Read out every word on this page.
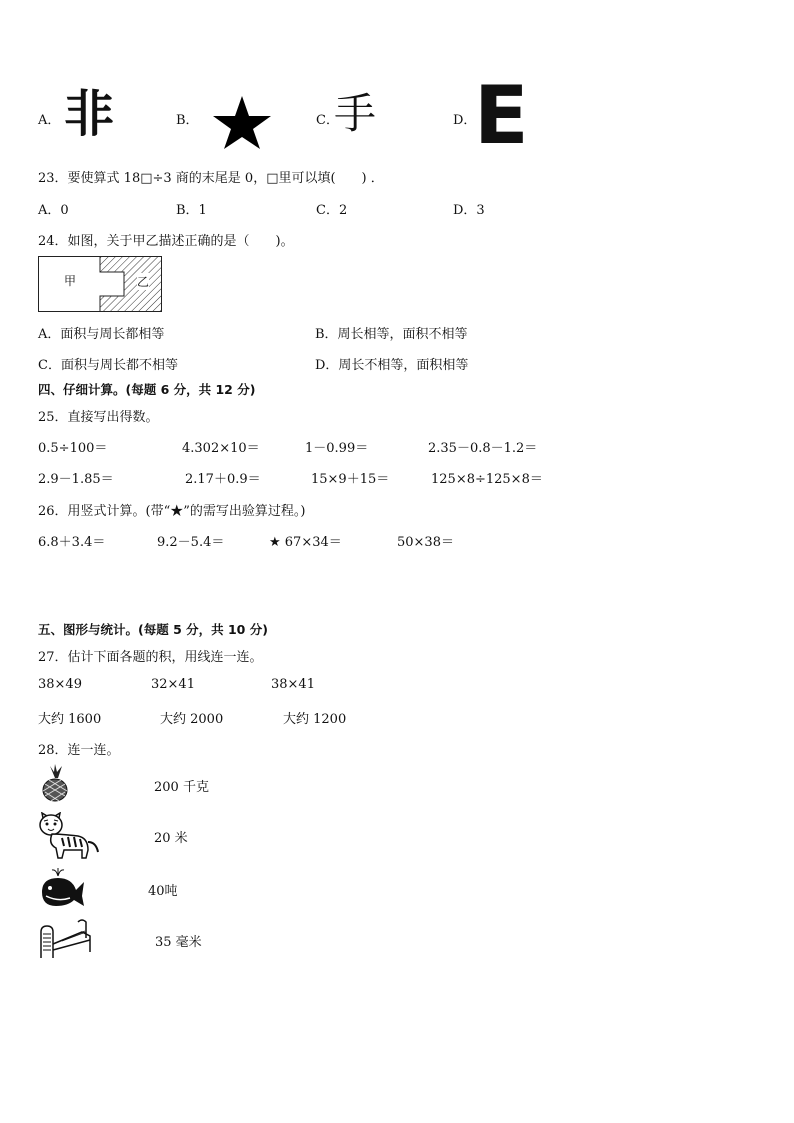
A． 非	B．	C．
手	D．
E
23．要使算式 18□÷3 商的末尾是 0，□里可以填(　　) ．
A．0	B．1	C．2	D．3
24．如图，关于甲乙描述正确的是（　　)。
甲	乙
A．面积与周长都相等	B．周长相等，面积不相等
C．面积与周长都不相等	D．周长不相等，面积相等
四、仔细计算。(每题 6 分，共 12 分)
25．直接写出得数。
0.5÷100＝	4.302×10＝	1－0.99＝	2.35－0.8－1.2＝
2.9－1.85＝	2.17＋0.9＝	15×9＋15＝	125×8÷125×8＝
26．用竖式计算。(带“★”的需写出验算过程。)
6.8＋3.4＝	9.2－5.4＝	★ 67×34＝	50×38＝
五、图形与统计。(每题 5 分，共 10 分)
27．估计下面各题的积，用线连一连。
38×49	32×41	38×41
大约 1600	大约 2000	大约 1200
28．连一连。
200 千克
20 米
40吨
35 毫米
